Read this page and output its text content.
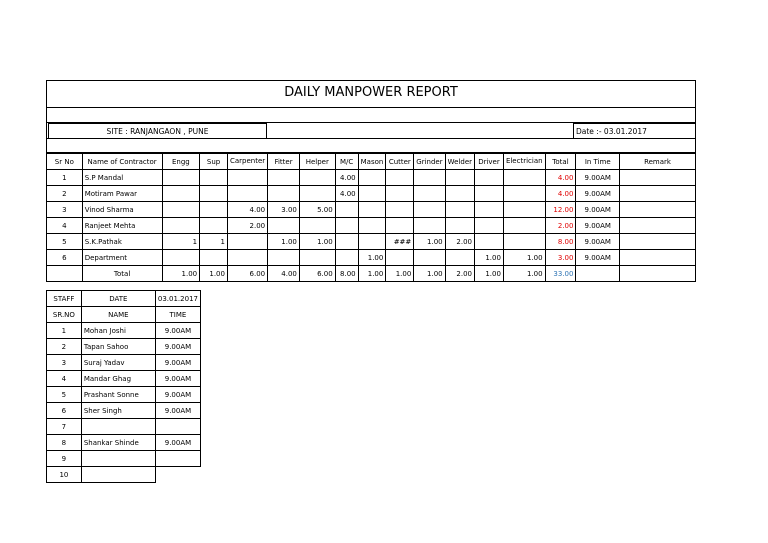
DAILY MANPOWER REPORT
SITE : RANJANGAON , PUNE	Date :- 03.01.2017
Sr No	Name of Contractor	Engg	Sup	Carpenter	Fitter	Helper	M/C	Mason	Cutter	Grinder	Welder	Driver	Electrician	Total	In Time	Remark
1	S.P Mandal						4.00							4.00	9.00AM	
2	Motiram Pawar						4.00							4.00	9.00AM	
3	Vinod Sharma			4.00	3.00	5.00								12.00	9.00AM	
4	Ranjeet Mehta			2.00										2.00	9.00AM	
5	S.K.Pathak	1	1		1.00	1.00			###	1.00	2.00			8.00	9.00AM	
6	Department							1.00				1.00	1.00	3.00	9.00AM	
	Total	1.00	1.00	6.00	4.00	6.00	8.00	1.00	1.00	1.00	2.00	1.00	1.00	33.00		
STAFF	DATE	03.01.2017
SR.NO	NAME	TIME
1	Mohan Joshi	9.00AM
2	Tapan Sahoo	9.00AM
3	Suraj Yadav	9.00AM
4	Mandar Ghag	9.00AM
5	Prashant Sonne	9.00AM
6	Sher Singh	9.00AM
7		
8	Shankar Shinde	9.00AM
9		
10		
